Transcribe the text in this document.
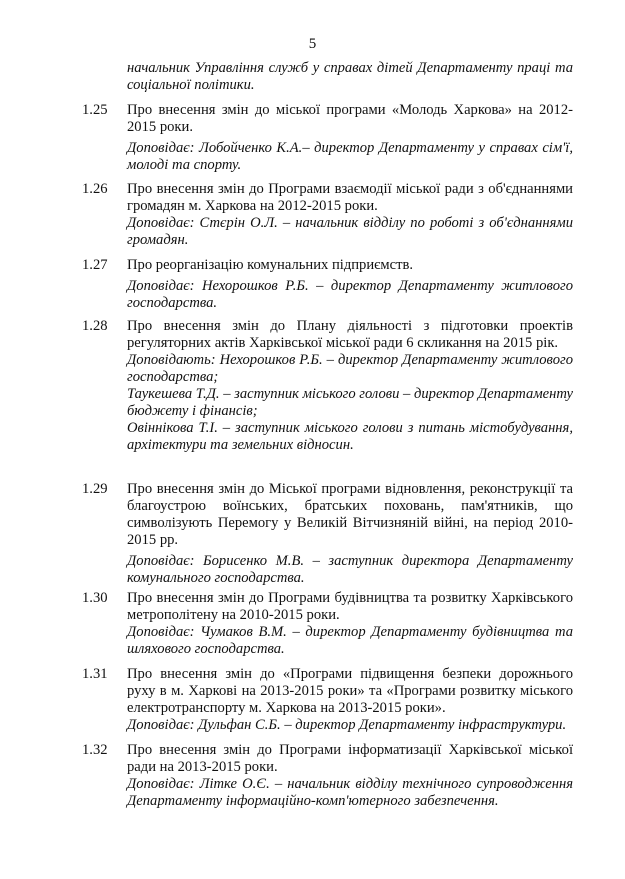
5
начальник Управління служб у справах дітей Департаменту праці та соціальної політики.
1.25	Про внесення змін до міської програми «Молодь Харкова» на 2012-2015 роки.
Доповідає: Лобойченко К.А.– директор Департаменту у справах сім'ї, молоді та спорту.
1.26	Про внесення змін до Програми взаємодії міської ради з об'єднаннями громадян м. Харкова на 2012-2015 роки.
Доповідає: Стєрін О.Л. – начальник відділу по роботі з об'єднаннями громадян.
1.27	Про реорганізацію комунальних підприємств.
Доповідає: Нехорошков Р.Б. – директор Департаменту житлового господарства.
1.28	Про внесення змін до Плану діяльності з підготовки проектів регуляторних актів Харківської міської ради 6 скликання на 2015 рік.
Доповідають: Нехорошков Р.Б. – директор Департаменту житлового господарства;
Таукешева Т.Д. – заступник міського голови – директор Департаменту бюджету і фінансів;
Овіннікова Т.І. – заступник міського голови з питань містобудування, архітектури та земельних відносин.
1.29	Про внесення змін до Міської програми відновлення, реконструкції та благоустрою воїнських, братських поховань, пам'ятників, що символізують Перемогу у Великій Вітчизняній війні, на період 2010-2015 рр.
Доповідає: Борисенко М.В. – заступник директора Департаменту комунального господарства.
1.30	Про внесення змін до Програми будівництва та розвитку Харківського метрополітену на 2010-2015 роки.
Доповідає: Чумаков В.М. – директор Департаменту будівництва та шляхового господарства.
1.31	Про внесення змін до «Програми підвищення безпеки дорожнього руху в м. Харкові на 2013-2015 роки» та «Програми розвитку міського електротранспорту м. Харкова на 2013-2015 роки».
Доповідає: Дульфан С.Б. – директор Департаменту інфраструктури.
1.32	Про внесення змін до Програми інформатизації Харківської міської ради на 2013-2015 роки.
Доповідає: Літке О.Є. – начальник відділу технічного супроводження Департаменту інформаційно-комп'ютерного забезпечення.
